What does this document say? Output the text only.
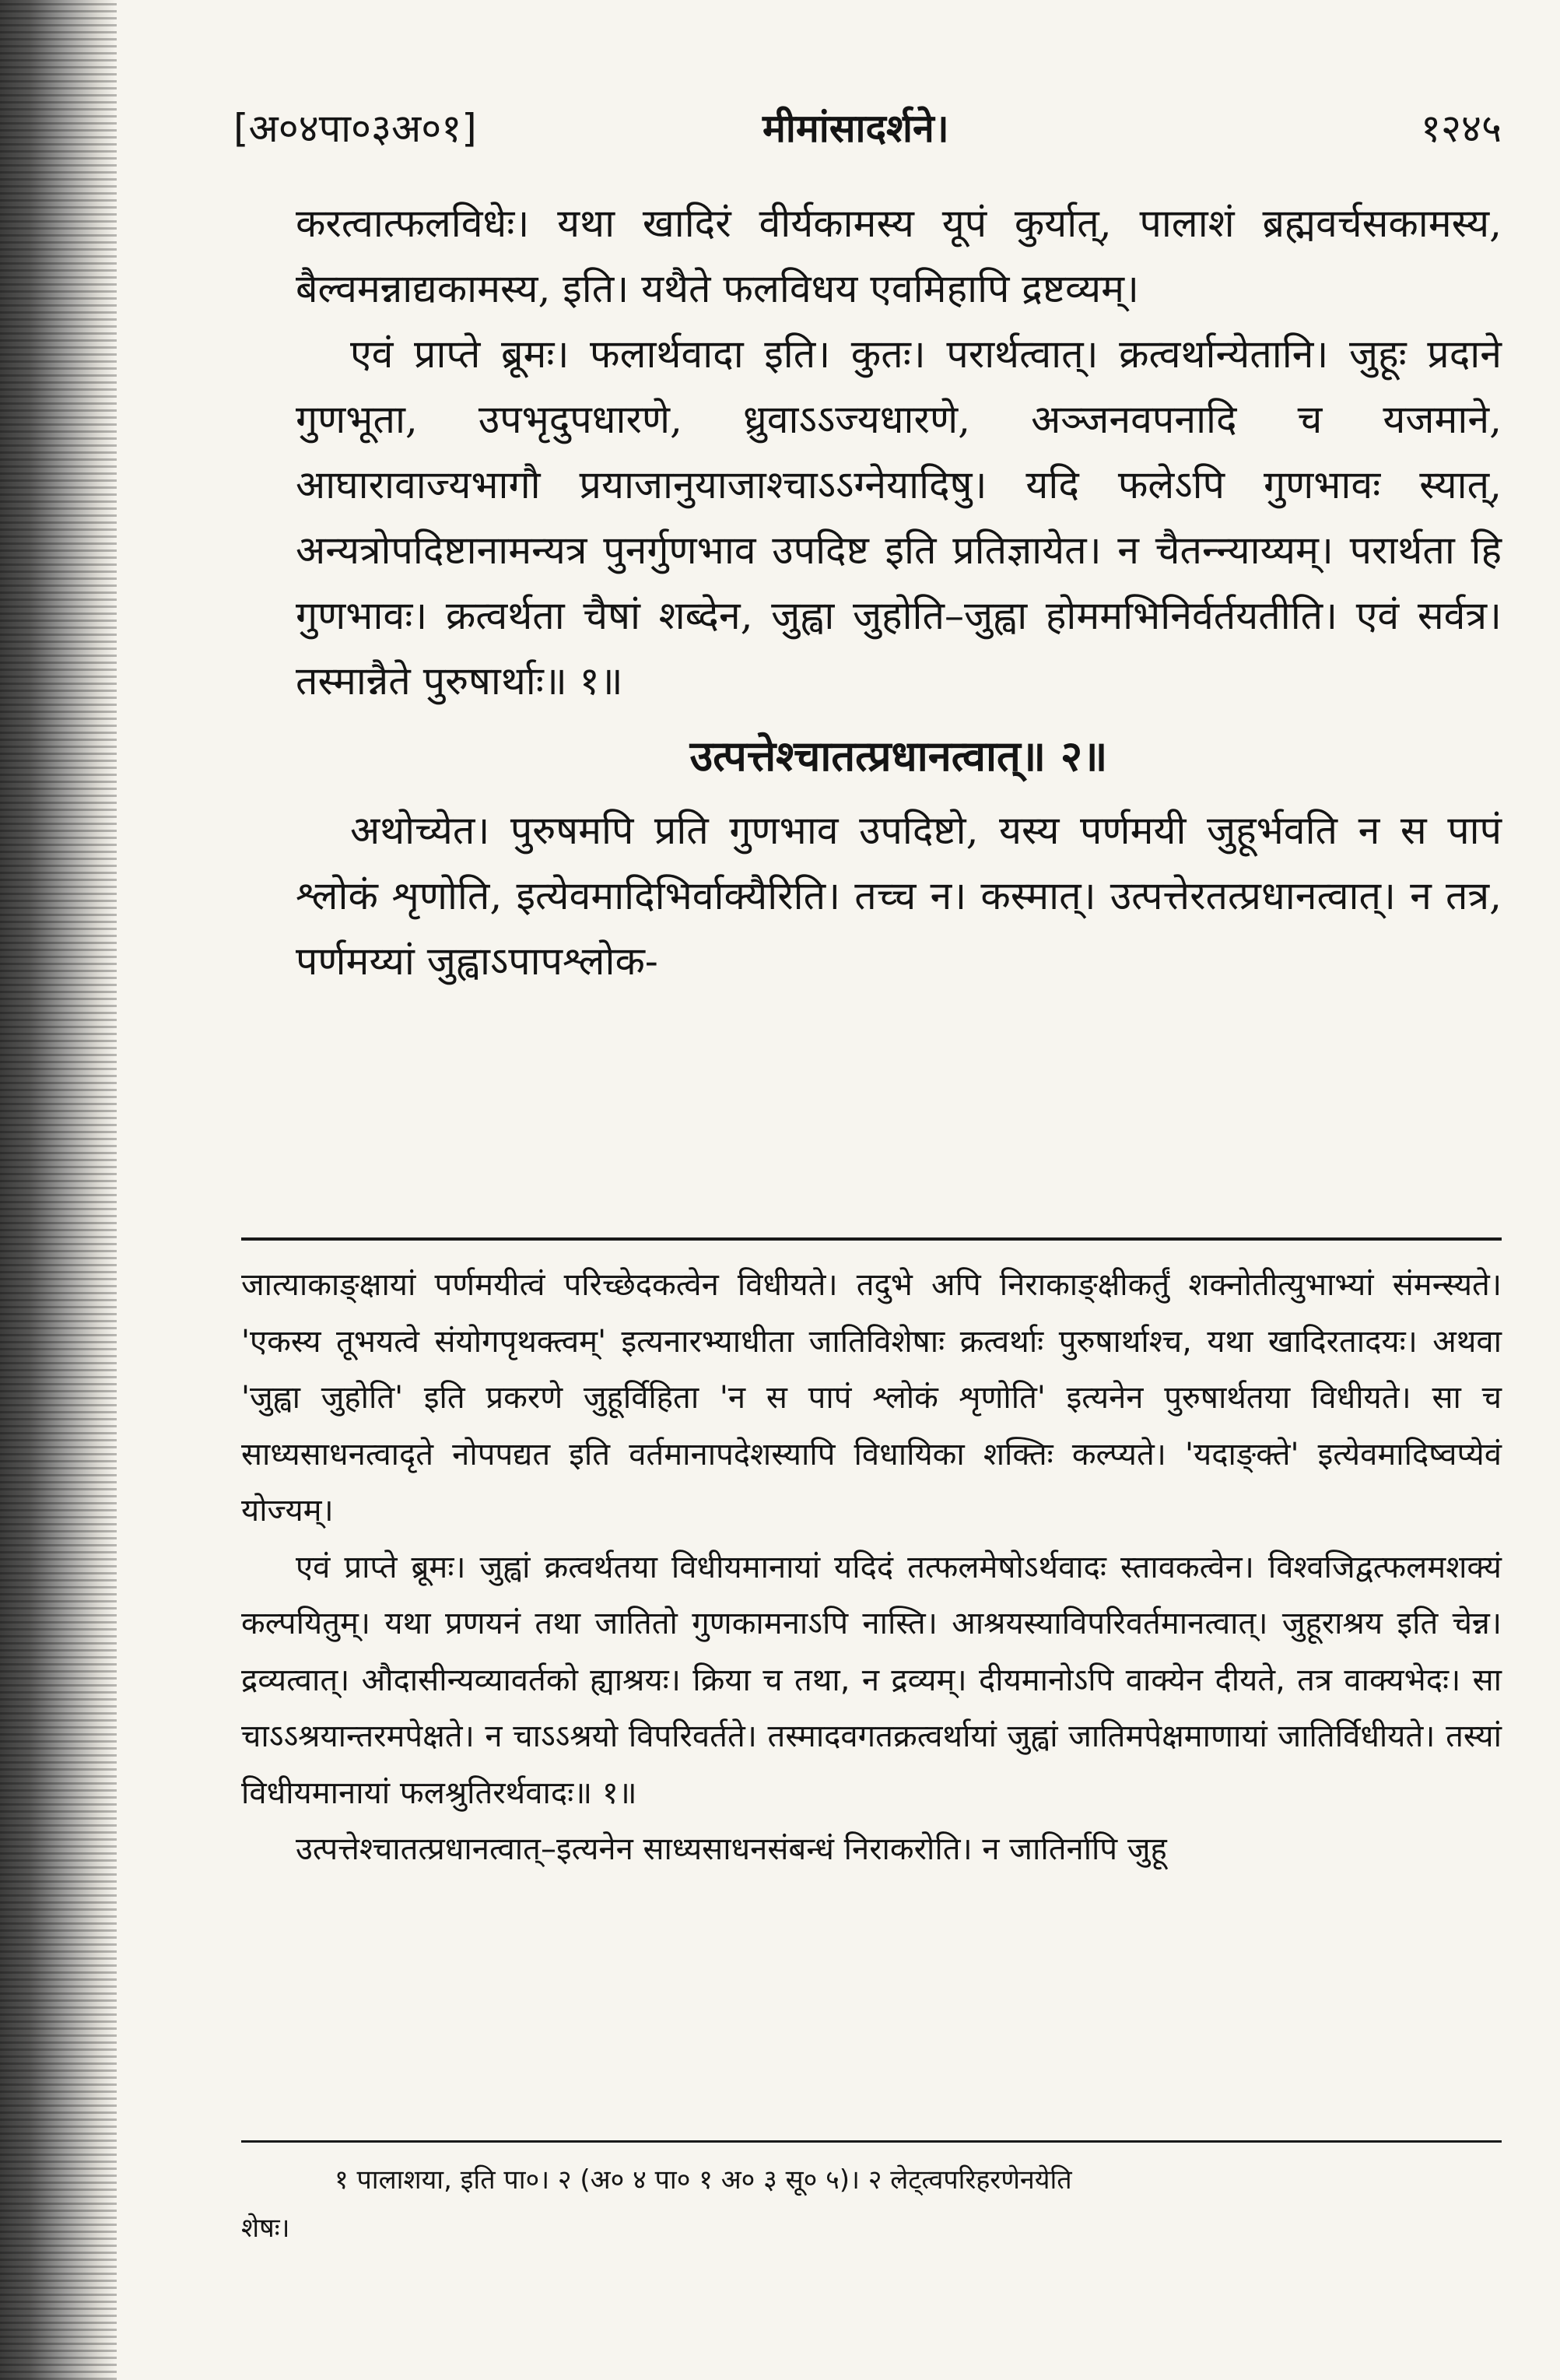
[अ०४पा०३अ०१]	मीमांसादर्शने।	१२४५

करत्वात्फलविधेः। यथा खादिरं वीर्यकामस्य यूपं कुर्यात्, पालाशं ब्रह्मवर्चसकामस्य, बैल्वमन्नाद्यकामस्य, इति। यथैते फलविधय एवमिहापि द्रष्टव्यम्।

एवं प्राप्ते ब्रूमः। फलार्थवादा इति। कुतः। परार्थत्वात्। क्रत्वर्थान्येतानि। जुहूः प्रदाने गुणभूता, उपभृदुपधारणे, ध्रुवाऽऽज्यधारणे, अञ्जनवपनादि च यजमाने, आघारावाज्यभागौ प्रयाजानुयाजाश्चाऽऽग्नेयादिषु। यदि फलेऽपि गुणभावः स्यात्, अन्यत्रोपदिष्टानामन्यत्र पुनर्गुणभाव उपदिष्ट इति प्रतिज्ञायेत। न चैतन्न्याय्यम्। परार्थता हि गुणभावः। क्रत्वर्थता चैषां शब्देन, जुह्वा जुहोति–जुह्वा होममभिनिर्वर्तयतीति। एवं सर्वत्र। तस्मान्नैते पुरुषार्थाः॥ १॥

उत्पत्तेश्चातत्प्रधानत्वात्॥ २॥

अथोच्येत। पुरुषमपि प्रति गुणभाव उपदिष्टो, यस्य पर्णमयी जुहूर्भवति न स पापं श्लोकं शृणोति, इत्येवमादिभिर्वाक्यैरिति। तच्च न। कस्मात्। उत्पत्तेरतत्प्रधानत्वात्। न तत्र, पर्णमय्यां जुह्वाऽपापश्लोक-

जात्याकाङ्क्षायां पर्णमयीत्वं परिच्छेदकत्वेन विधीयते। तदुभे अपि निराकाङ्क्षीकर्तुं शक्नोतीत्युभाभ्यां संमन्स्यते। 'एकस्य तूभयत्वे संयोगपृथक्त्वम्' इत्यनारभ्याधीता जातिविशेषाः क्रत्वर्थाः पुरुषार्थाश्च, यथा खादिरतादयः। अथवा 'जुह्वा जुहोति' इति प्रकरणे जुहूर्विहिता 'न स पापं श्लोकं शृणोति' इत्यनेन पुरुषार्थतया विधीयते। सा च साध्यसाधनत्वादृते नोपपद्यत इति वर्तमानापदेशस्यापि विधायिका शक्तिः कल्प्यते। 'यदाङ्क्ते' इत्येवमादिष्वप्येवं योज्यम्।

एवं प्राप्ते ब्रूमः। जुह्वां क्रत्वर्थतया विधीयमानायां यदिदं तत्फलमेषोऽर्थवादः स्तावकत्वेन। विश्वजिद्वत्फलमशक्यं कल्पयितुम्। यथा प्रणयनं तथा जातितो गुणकामनाऽपि नास्ति। आश्रयस्याविपरिवर्तमानत्वात्। जुहूराश्रय इति चेन्न। द्रव्यत्वात्। औदासीन्यव्यावर्तको ह्याश्रयः। क्रिया च तथा, न द्रव्यम्। दीयमानोऽपि वाक्येन दीयते, तत्र वाक्यभेदः। सा चाऽऽश्रयान्तरमपेक्षते। न चाऽऽश्रयो विपरिवर्तते। तस्मादवगतक्रत्वर्थायां जुह्वां जातिमपेक्षमाणायां जातिर्विधीयते। तस्यां विधीयमानायां फलश्रुतिरर्थवादः॥ १॥

उत्पत्तेश्चातत्प्रधानत्वात्–इत्यनेन साध्यसाधनसंबन्धं निराकरोति। न जातिर्नापि जुहू

१ पालाशया, इति पा०। २ (अ० ४ पा० १ अ० ३ सू० ५)। २ लेट्त्वपरिहरणेनयेति
शेषः।
